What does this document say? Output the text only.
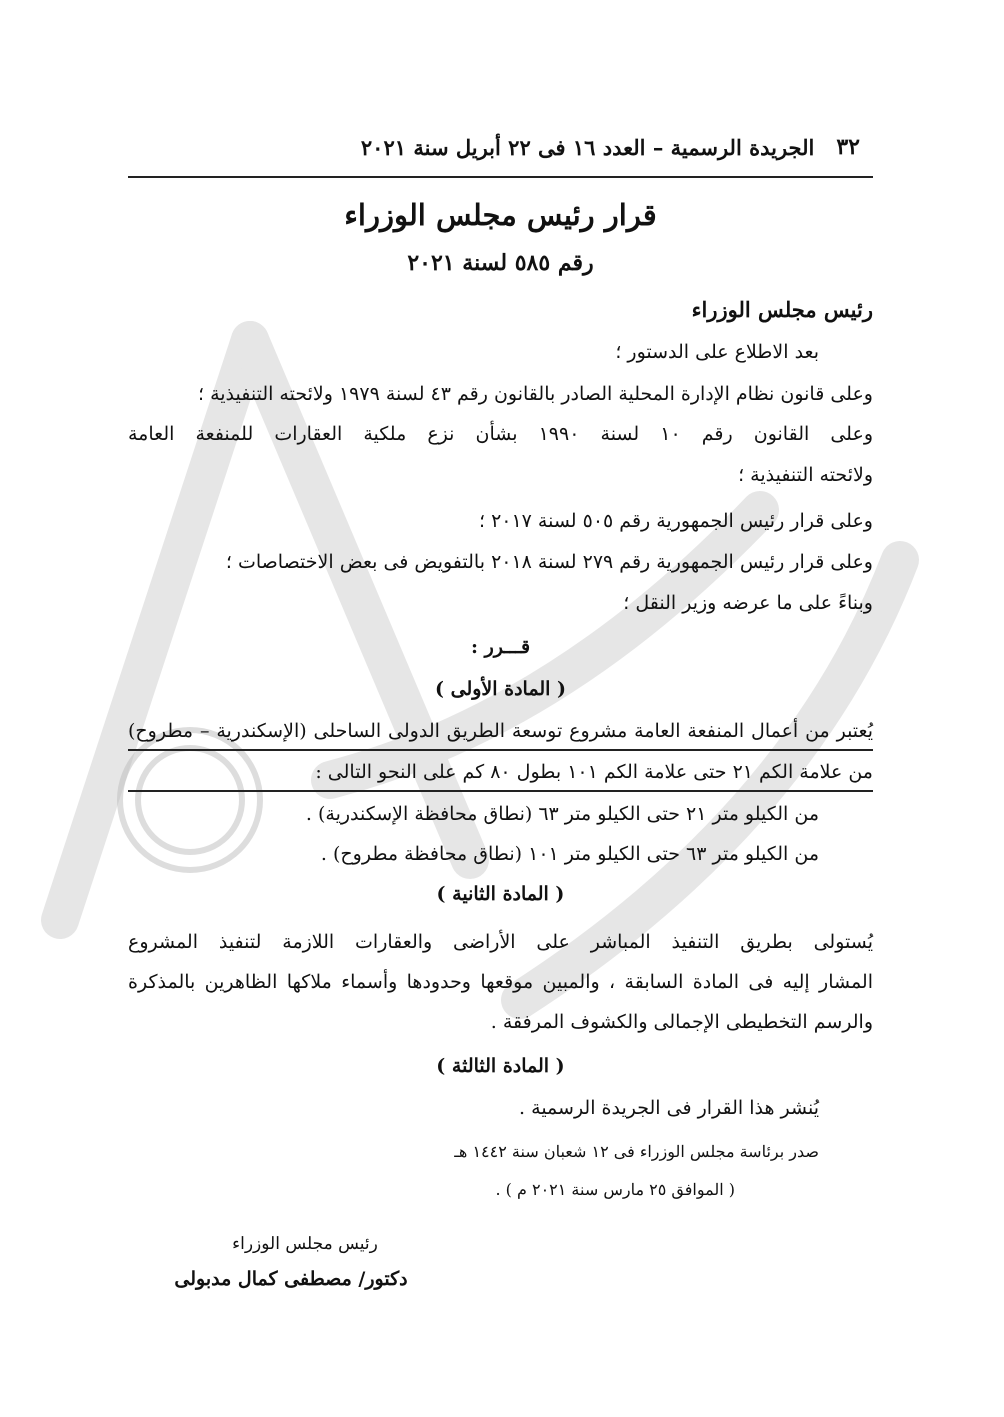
٣٢
الجريدة الرسمية – العدد ١٦ فى ٢٢ أبريل سنة ٢٠٢١
قرار رئيس مجلس الوزراء
رقم ٥٨٥ لسنة ٢٠٢١
رئيس مجلس الوزراء
بعد الاطلاع على الدستور ؛
وعلى قانون نظام الإدارة المحلية الصادر بالقانون رقم ٤٣ لسنة ١٩٧٩ ولائحته التنفيذية ؛
وعلى القانون رقم ١٠ لسنة ١٩٩٠ بشأن نزع ملكية العقارات للمنفعة العامة
ولائحته التنفيذية ؛
وعلى قرار رئيس الجمهورية رقم ٥٠٥ لسنة ٢٠١٧ ؛
وعلى قرار رئيس الجمهورية رقم ٢٧٩ لسنة ٢٠١٨ بالتفويض فى بعض الاختصاصات ؛
وبناءً على ما عرضه وزير النقل ؛
قـــرر :
( المادة الأولى )
يُعتبر من أعمال المنفعة العامة مشروع توسعة الطريق الدولى الساحلى (الإسكندرية – مطروح)
من علامة الكم ٢١ حتى علامة الكم ١٠١ بطول ٨٠ كم على النحو التالى :
من الكيلو متر ٢١ حتى الكيلو متر ٦٣ (نطاق محافظة الإسكندرية) .
من الكيلو متر ٦٣ حتى الكيلو متر ١٠١ (نطاق محافظة مطروح) .
( المادة الثانية )
يُستولى بطريق التنفيذ المباشر على الأراضى والعقارات اللازمة لتنفيذ المشروع
المشار إليه فى المادة السابقة ، والمبين موقعها وحدودها وأسماء ملاكها الظاهرين بالمذكرة
والرسم التخطيطى الإجمالى والكشوف المرفقة .
( المادة الثالثة )
يُنشر هذا القرار فى الجريدة الرسمية .
صدر برئاسة مجلس الوزراء فى ١٢ شعبان سنة ١٤٤٢ هـ
( الموافق ٢٥ مارس سنة ٢٠٢١ م ) .
رئيس مجلس الوزراء
دكتور/ مصطفى كمال مدبولى
